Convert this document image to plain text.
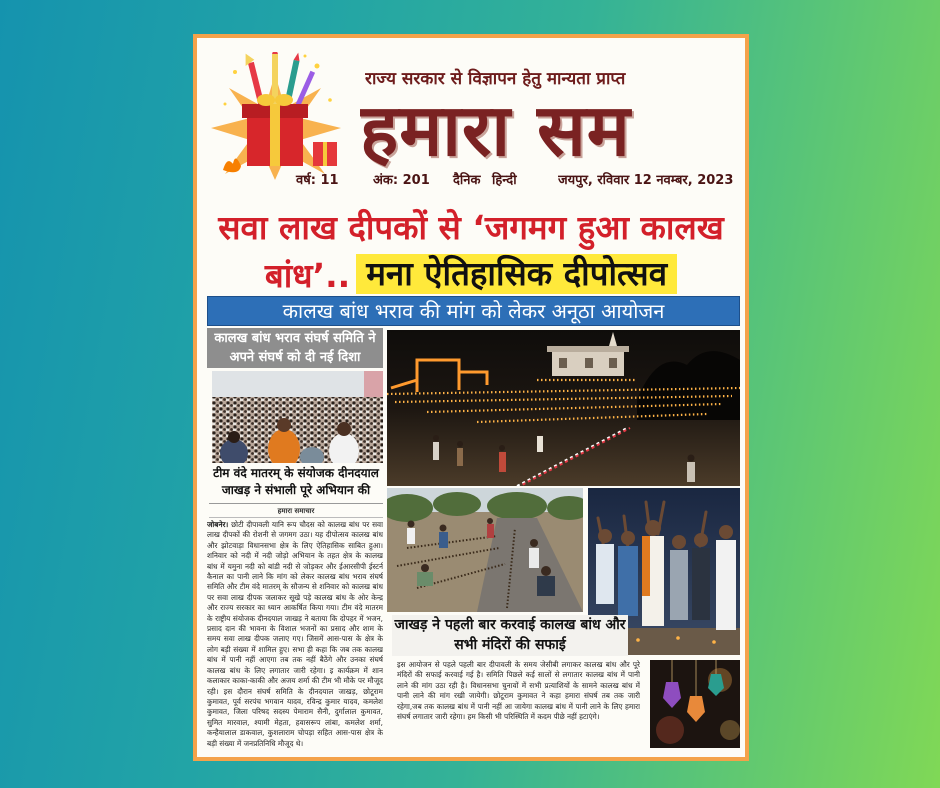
राज्य सरकार से विज्ञापन हेतु मान्यता प्राप्त
हमारा सम
वर्ष: 11	अंक: 201 दैनिक हिन्दी	जयपुर, रविवार 12 नवम्बर, 2023
सवा लाख दीपकों से ‘जगमग हुआ कालख
बांध’.. मना ऐतिहासिक दीपोत्सव
कालख बांध भराव की मांग को लेकर अनूठा आयोजन
कालख बांध भराव संघर्ष समिति ने अपने संघर्ष को दी नई दिशा
टीम वंदे मातरम् के संयोजक दीनदयाल जाखड़ ने संभाली पूरे अभियान की
हमारा समाचार
जोबनेर। छोटी दीपावली यानि रूप चौदस को कालख बांध पर सवा लाख दीपकों की रोशनी से जगमग उठा। यह दीपोत्सव कालख बांध और झोटवाड़ा विधानसभा क्षेत्र के लिए ऐतिहासिक साबित हुआ। शनिवार को नदी में नदी जोड़ो अभियान के तहत क्षेत्र के कालख बांध में यमुना नदी को बांडी नदी से जोड़कर और ईआरसीपी ईस्टर्न कैनाल का पानी लाने कि मांग को लेकर कालख बांध भराव संघर्ष समिति और टीम वंदे मातरम् के सौजन्य से शनिवार को कालख बांध पर सवा लाख दीपक जलाकर सूखे पड़े कालख बांध के ओर केन्द्र और राज्य सरकार का ध्यान आकर्षित किया गया। टीम वंदे मातरम के राष्ट्रीय संयोजक दीनदयाल जाखड़ ने बताया कि दोपहर में भजन, प्रसाद दान की भावना के विशाल भजनों का प्रसाद और शाम के समय सवा लाख दीपक जलाए गए। जिसमें आस-पास के क्षेत्र के लोग बड़ी संख्या में शामिल हुए। सभा ही कहा कि जब तक कालख बांध में पानी नहीं आएगा तब तक नहीं बैठेंगे और उनका संघर्ष कालख बांध के लिए लगातार जारी रहेगा। इ कार्यक्रम में शान कलाकार काका-काकी और अजय शर्मा की टीम भी मौके पर मौजूद रही। इस दौरान संघर्ष समिति के दीनदयाल जाखड़, छोटूराम कुमावत, पूर्व सरपंच भगवान यादव, रविन्द्र कुमार यादव, कमलेश कुमावत, जिला परिषद सदस्य पेमाराम सैनी, दुर्गालाल कुमावत, सुमित मारवाल, श्यामी मेहता, हवासरूप लांबा, कमलेश शर्मा, कन्हैयालाल डाकवाल, कुशलाराम चोपड़ा सहित आस-पास क्षेत्र के बड़ी संख्या में जनप्रतिनिधि मौजूद थे।
जाखड़ ने पहली बार करवाई कालख बांध और सभी मंदिरों की सफाई
इस आयोजन से पहले पहली बार दीपावली के समय जेसीबी लगाकर कालख बांध और पूरे मंदिरों की सफाई करवाई गई है। समिति पिछले कई सालों से लगातार कालख बांध में पानी लाने की मांग उठा रही है। विधानसभा चुनावों में सभी प्रत्याशियों के सामने कालख बांध में पानी लाने की मांग रखी जायेगी। छोटूराम कुमावत ने कहा हमारा संघर्ष तब तक जारी रहेगा,जब तक कालख बांध में पानी नहीं आ जायेगा कालख बांध में पानी लाने के लिए हमारा संघर्ष लगातार जारी रहेगा। हम किसी भी परिस्थिति में कदम पीछे नहीं हटाएंगे।
